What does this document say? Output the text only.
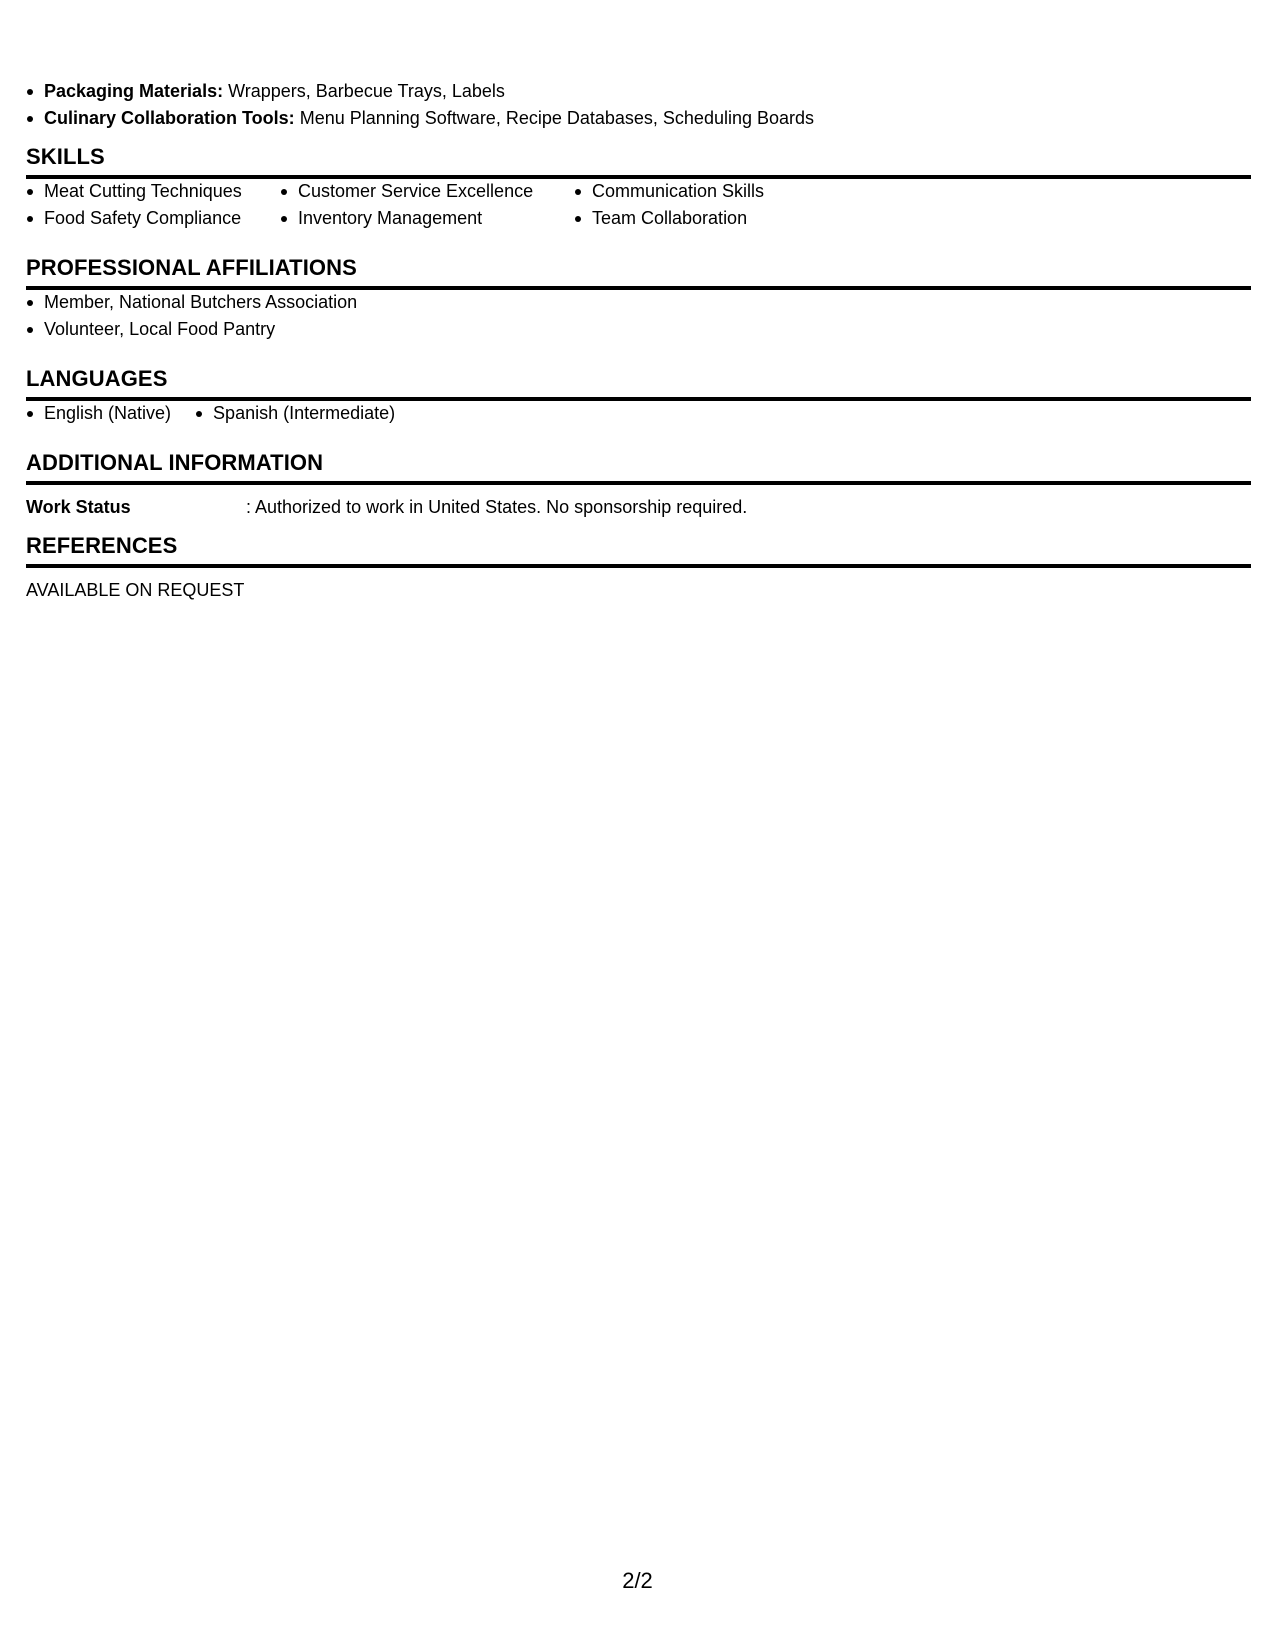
Packaging Materials: Wrappers, Barbecue Trays, Labels
Culinary Collaboration Tools: Menu Planning Software, Recipe Databases, Scheduling Boards
SKILLS
Meat Cutting Techniques
Food Safety Compliance
Customer Service Excellence
Inventory Management
Communication Skills
Team Collaboration
PROFESSIONAL AFFILIATIONS
Member, National Butchers Association
Volunteer, Local Food Pantry
LANGUAGES
English (Native)	Spanish (Intermediate)
ADDITIONAL INFORMATION
Work Status	: Authorized to work in United States. No sponsorship required.
REFERENCES
AVAILABLE ON REQUEST
2/2
